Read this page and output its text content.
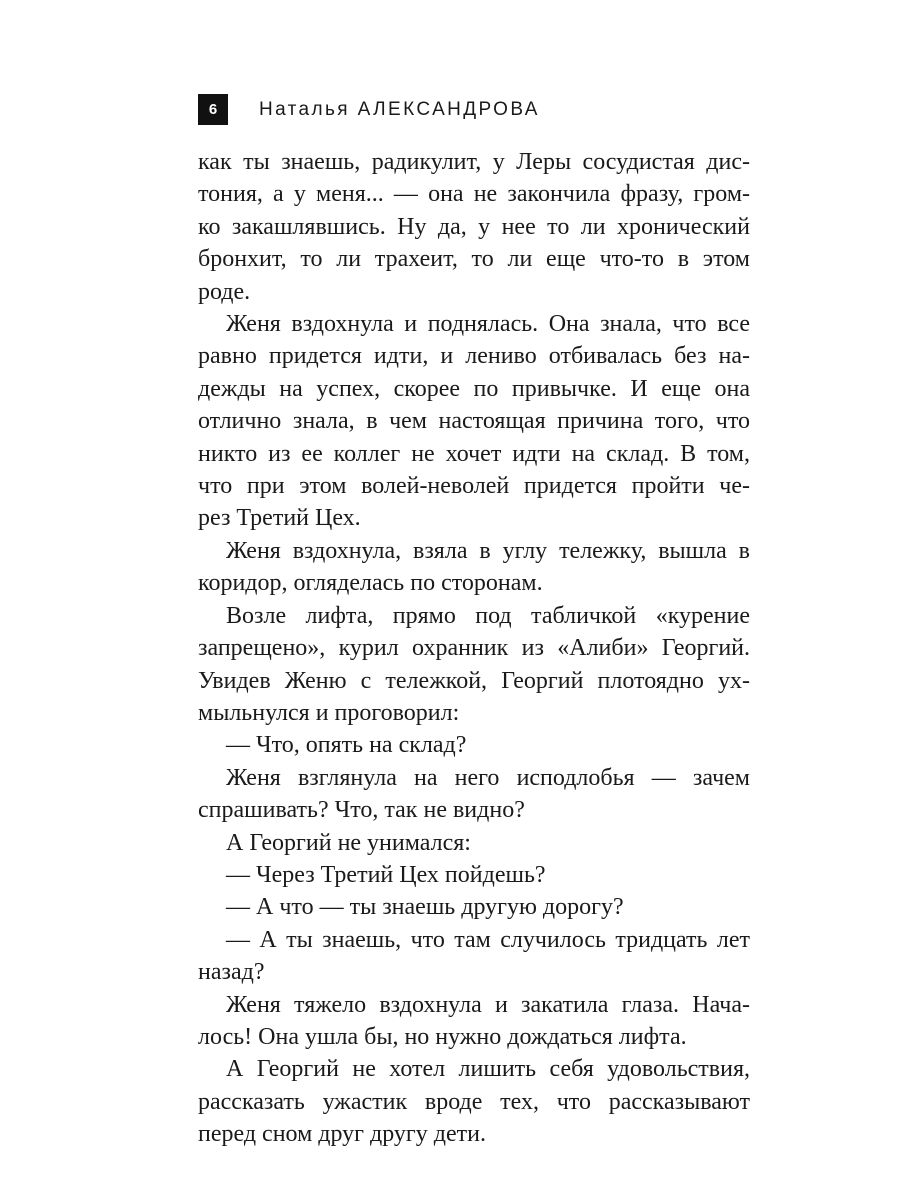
6	Наталья АЛЕКСАНДРОВА

как ты знаешь, радикулит, у Леры сосудистая дис-
тония, а у меня... — она не закончила фразу, гром-
ко закашлявшись. Ну да, у нее то ли хронический
бронхит, то ли трахеит, то ли еще что-то в этом
роде.

Женя вздохнула и поднялась. Она знала, что все
равно придется идти, и лениво отбивалась без на-
дежды на успех, скорее по привычке. И еще она
отлично знала, в чем настоящая причина того, что
никто из ее коллег не хочет идти на склад. В том,
что при этом волей-неволей придется пройти че-
рез Третий Цех.

Женя вздохнула, взяла в углу тележку, вышла в
коридор, огляделась по сторонам.

Возле лифта, прямо под табличкой «курение
запрещено», курил охранник из «Алиби» Георгий.
Увидев Женю с тележкой, Георгий плотоядно ух-
мыльнулся и проговорил:

— Что, опять на склад?

Женя взглянула на него исподлобья — зачем
спрашивать? Что, так не видно?

А Георгий не унимался:

— Через Третий Цех пойдешь?

— А что — ты знаешь другую дорогу?

— А ты знаешь, что там случилось тридцать лет
назад?

Женя тяжело вздохнула и закатила глаза. Нача-
лось! Она ушла бы, но нужно дождаться лифта.

А Георгий не хотел лишить себя удовольствия,
рассказать ужастик вроде тех, что рассказывают
перед сном друг другу дети.
